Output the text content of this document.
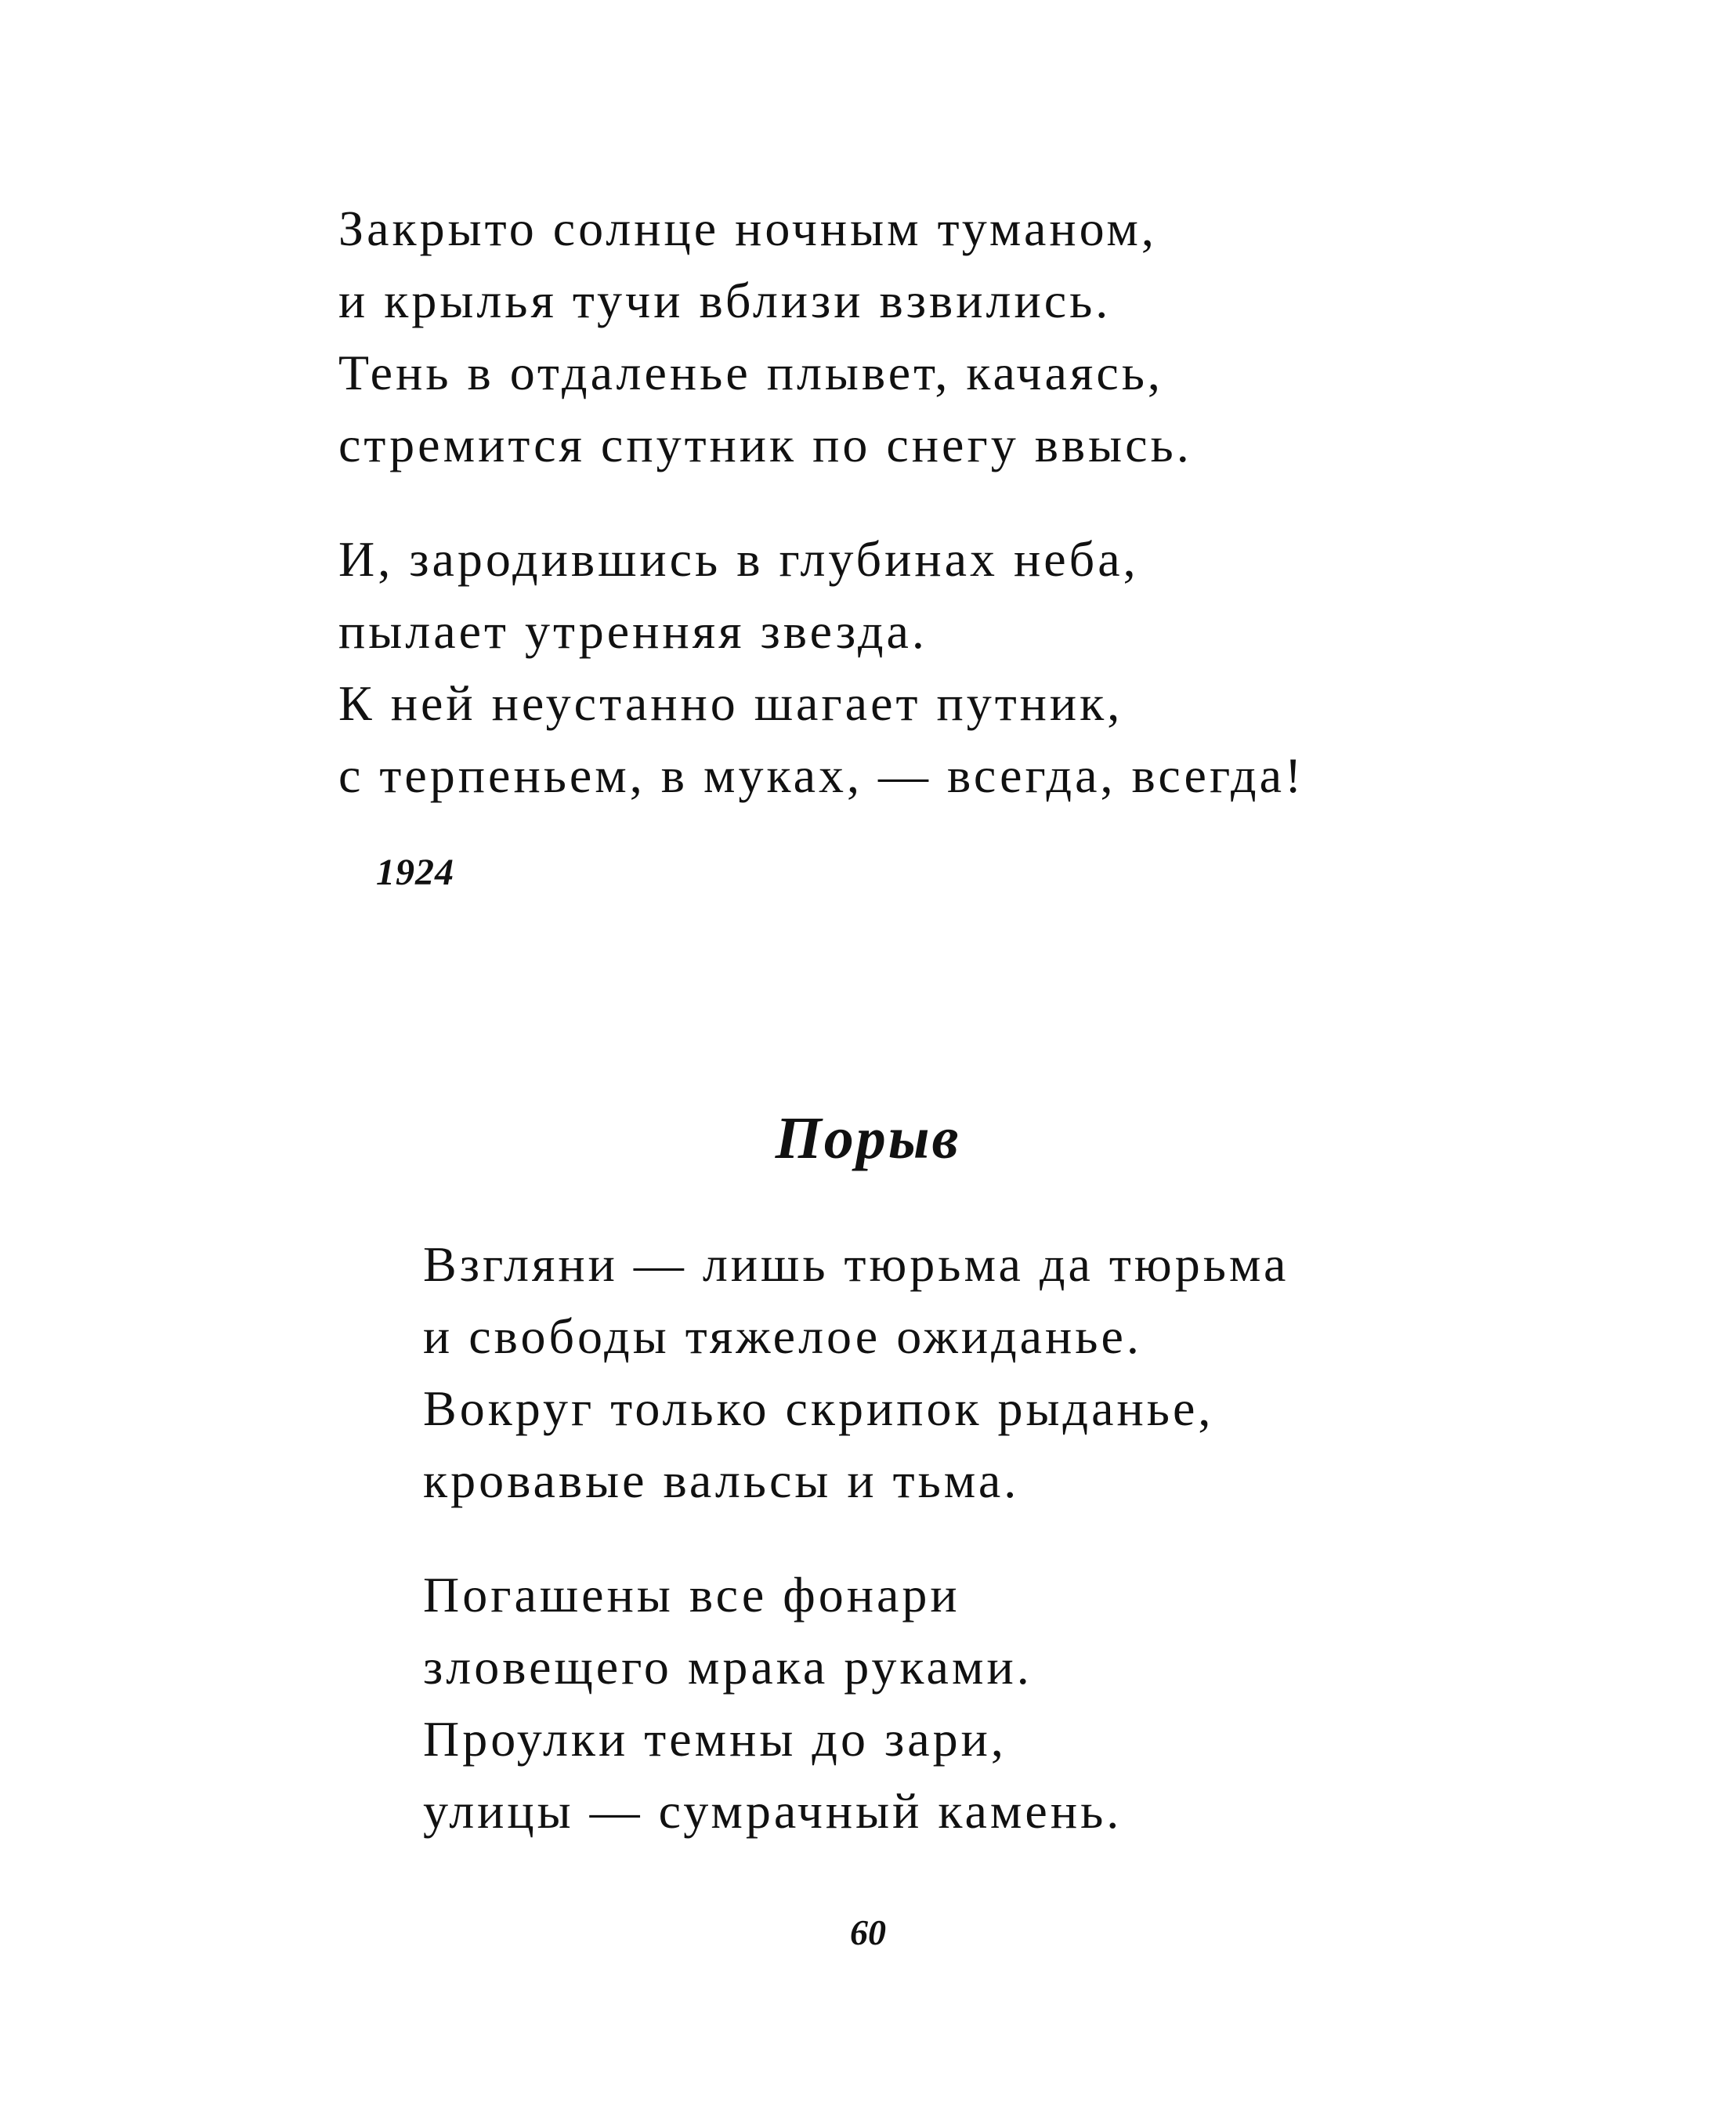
Закрыто солнце ночным туманом,
и крылья тучи вблизи взвились.
Тень в отдаленье плывет, качаясь,
стремится спутник по снегу ввысь.
И, зародившись в глубинах неба,
пылает утренняя звезда.
К ней неустанно шагает путник,
с терпеньем, в муках, — всегда, всегда!
1924
Порыв
Взгляни — лишь тюрьма да тюрьма
и свободы тяжелое ожиданье.
Вокруг только скрипок рыданье,
кровавые вальсы и тьма.
Погашены все фонари
зловещего мрака руками.
Проулки темны до зари,
улицы — сумрачный камень.
60
